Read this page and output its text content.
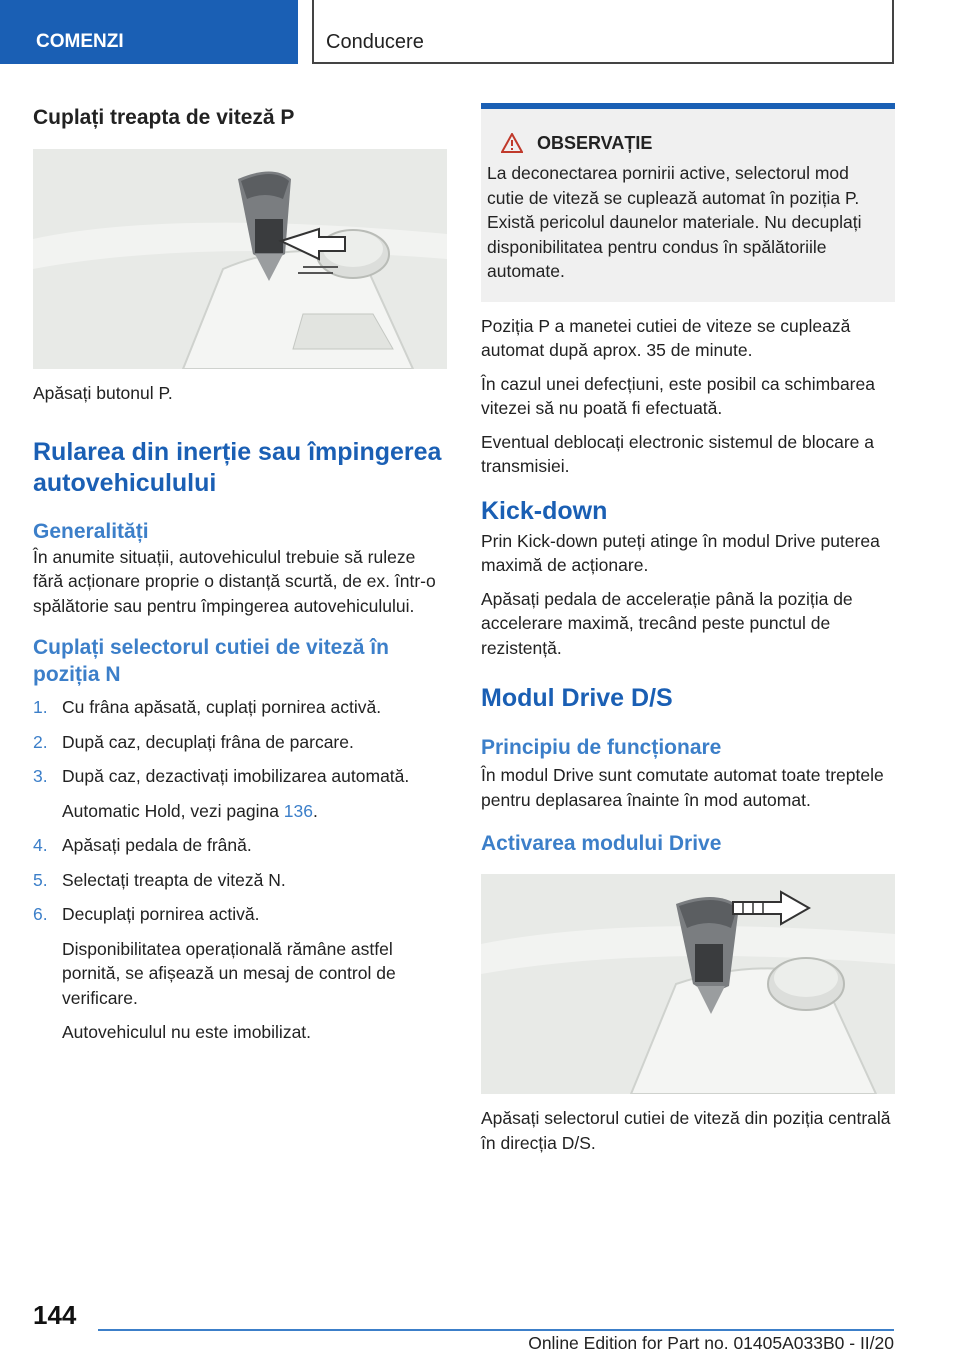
COMENZI	Conducere
Cuplați treapta de viteză P

Apăsați butonul P.

Rularea din inerție sau împingerea autovehiculului
Generalități

În anumite situații, autovehiculul trebuie să ruleze fără acționare proprie o distanță scurtă, de ex. într-o spălătorie sau pentru împingerea autovehiculului.

Cuplați selectorul cutiei de viteză în poziția N
1. Cu frâna apăsată, cuplați pornirea activă.
2. După caz, decuplați frâna de parcare.
3. După caz, dezactivați imobilizarea automată.
Automatic Hold, vezi pagina 136.
4. Apăsați pedala de frână.
5. Selectați treapta de viteză N.
6. Decuplați pornirea activă.
Disponibilitatea operațională rămâne astfel pornită, se afișează un mesaj de control de verificare.
Autovehiculul nu este imobilizat.
OBSERVAȚIE

La deconectarea pornirii active, selectorul mod cutie de viteză se cuplează automat în poziția P. Există pericolul daunelor materiale. Nu decuplați disponibilitatea pentru condus în spălătoriile automate.

Poziția P a manetei cutiei de viteze se cuplează automat după aprox. 35 de minute.

În cazul unei defecțiuni, este posibil ca schimbarea vitezei să nu poată fi efectuată.

Eventual deblocați electronic sistemul de blocare a transmisiei.

Kick-down

Prin Kick-down puteți atinge în modul Drive puterea maximă de acționare.

Apăsați pedala de accelerație până la poziția de accelerare maximă, trecând peste punctul de rezistență.

Modul Drive D/S
Principiu de funcționare

În modul Drive sunt comutate automat toate treptele pentru deplasarea înainte în mod automat.

Activarea modului Drive

Apăsați selectorul cutiei de viteză din poziția centrală în direcția D/S.

144
Online Edition for Part no. 01405A033B0 - II/20
